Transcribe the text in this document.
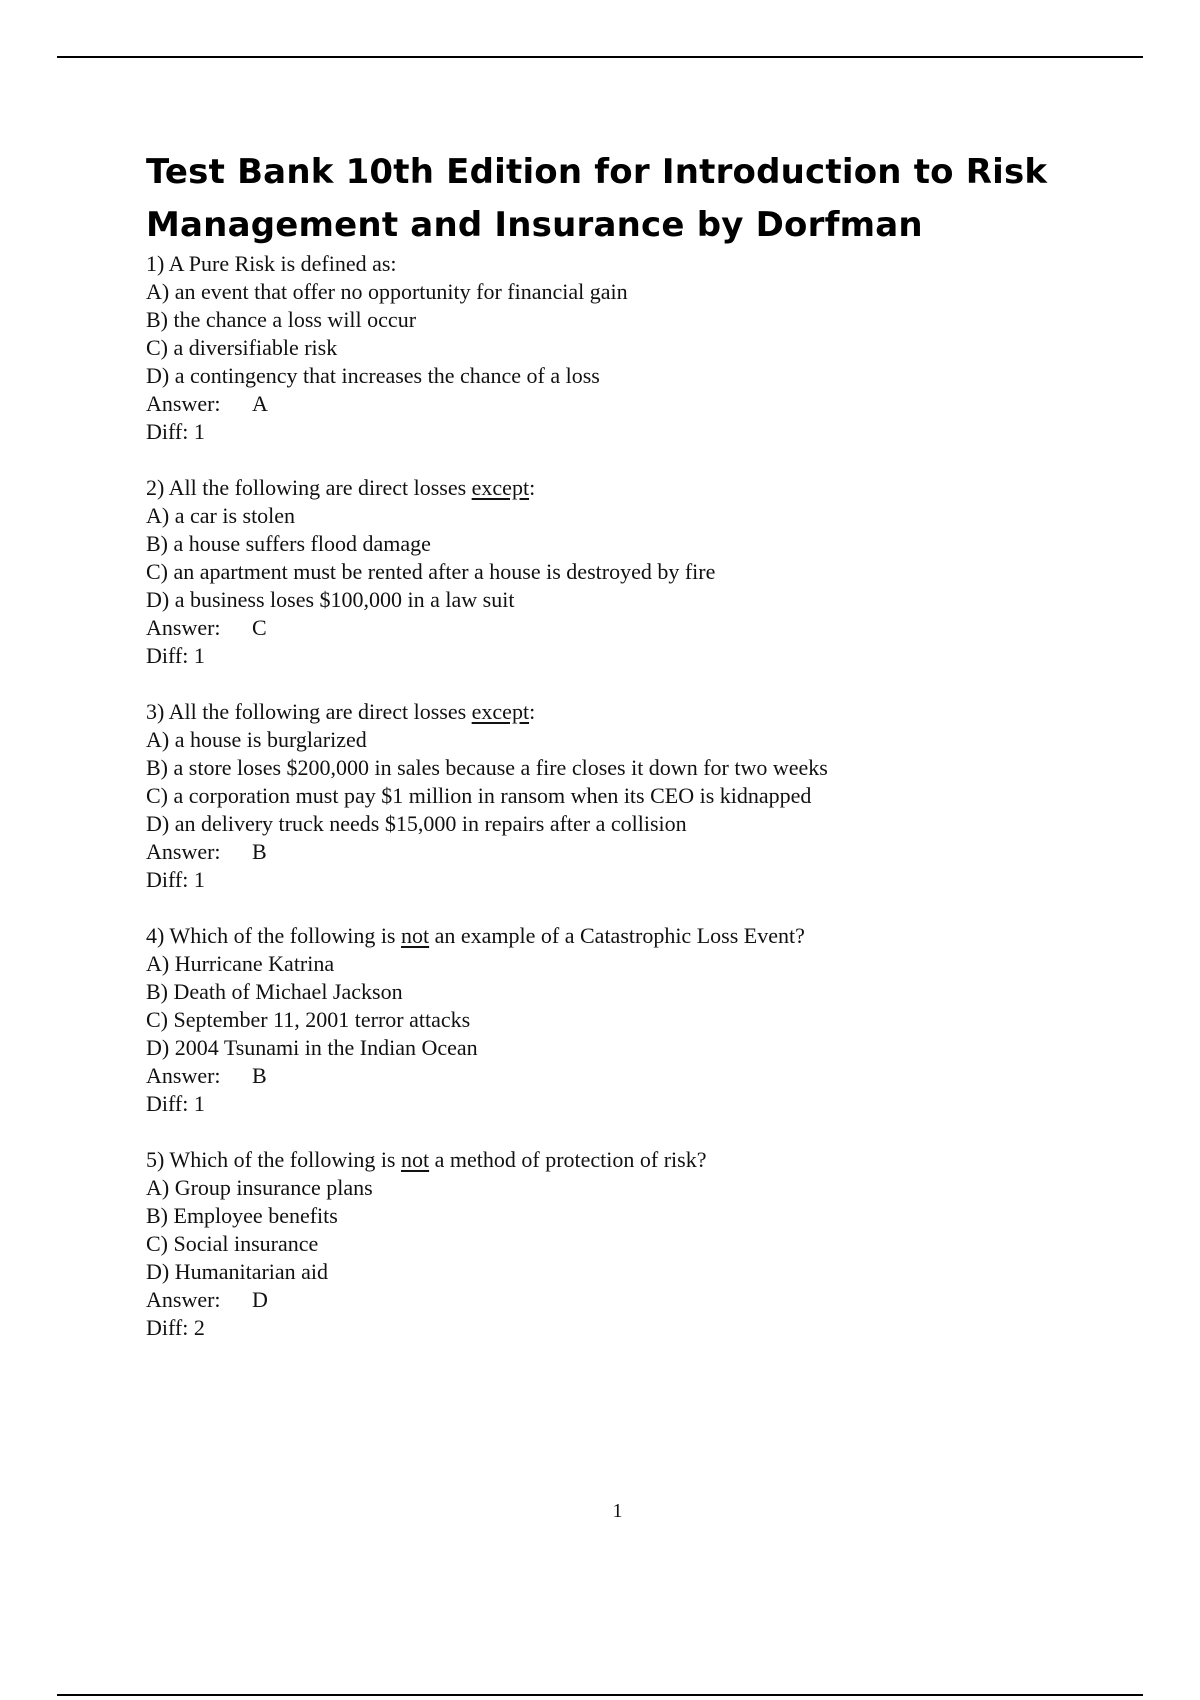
Test Bank 10th Edition for Introduction to Risk Management and Insurance by Dorfman
1) A Pure Risk is defined as:
A) an event that offer no opportunity for financial gain
B) the chance a loss will occur
C) a diversifiable risk
D) a contingency that increases the chance of a loss
Answer: A
Diff: 1
2) All the following are direct losses except:
A) a car is stolen
B) a house suffers flood damage
C) an apartment must be rented after a house is destroyed by fire
D) a business loses $100,000 in a law suit
Answer: C
Diff: 1
3) All the following are direct losses except:
A) a house is burglarized
B) a store loses $200,000 in sales because a fire closes it down for two weeks
C) a corporation must pay $1 million in ransom when its CEO is kidnapped
D) an delivery truck needs $15,000 in repairs after a collision
Answer: B
Diff: 1
4) Which of the following is not an example of a Catastrophic Loss Event?
A) Hurricane Katrina
B) Death of Michael Jackson
C) September 11, 2001 terror attacks
D) 2004 Tsunami in the Indian Ocean
Answer: B
Diff: 1
5) Which of the following is not a method of protection of risk?
A) Group insurance plans
B) Employee benefits
C) Social insurance
D) Humanitarian aid
Answer: D
Diff: 2
1
